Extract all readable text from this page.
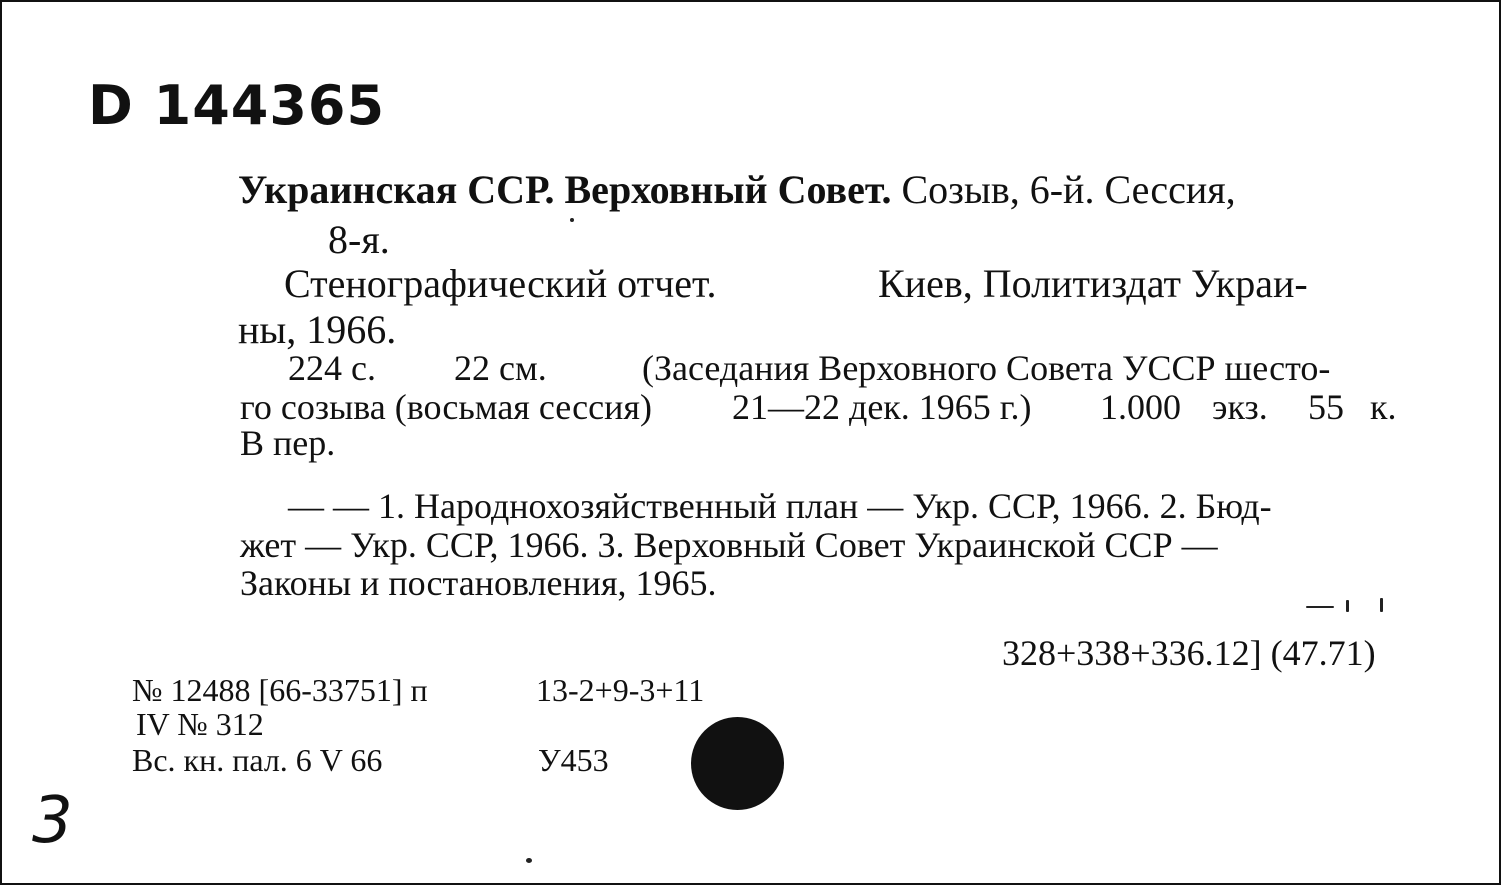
D 144365
Украинская ССР. Верховный Совет. Созыв, 6-й. Сессия,
8-я.
Стенографический отчет.	Киев, Политиздат Украи-
ны, 1966.
224 с. 22 см.	(Заседания Верховного Совета УССР шесто-
го созыва (восьмая сессия) 21—22 дек. 1965 г.) 1.000 экз. 55 к.
В пер.
— — 1. Народнохозяйственный план — Укр. ССР, 1966. 2. Бюд-
жет — Укр. ССР, 1966. 3. Верховный Совет Украинской ССР —
Законы и постановления, 1965.
328+338+336.12] (47.71)
№ 12488 [66-33751] п	13-2+9-3+11
IV № 312
Вс. кн. пал. 6 V 66	У453
3
